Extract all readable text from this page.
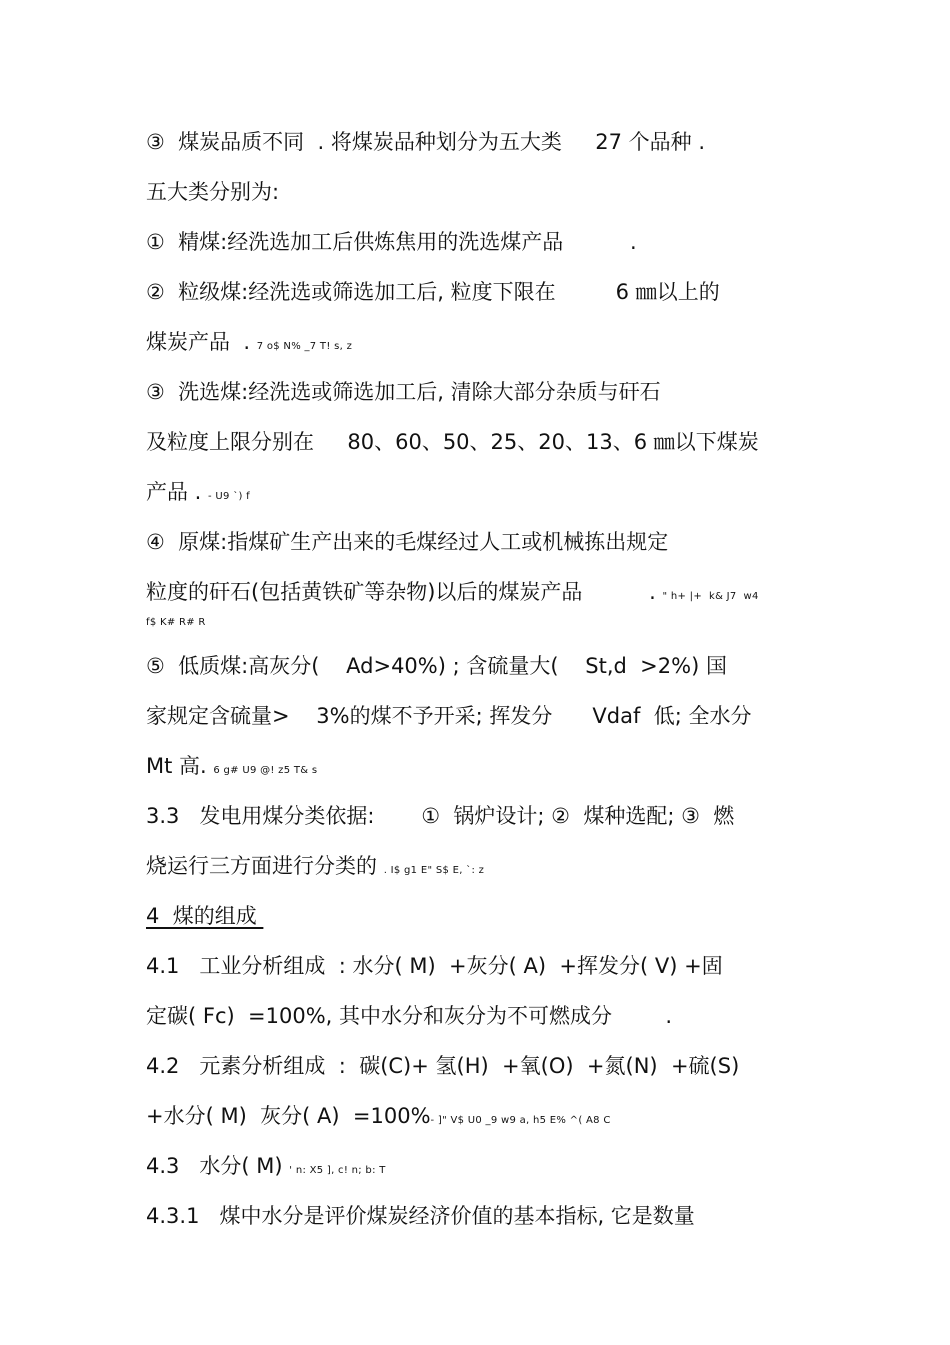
③  煤炭品质不同  . 将煤炭品种划分为五大类     27 个品种 .
五大类分别为:
①  精煤:经洗选加工后供炼焦用的洗选煤产品          .
②  粒级煤:经洗选或筛选加工后, 粒度下限在         6 ㎜以上的
煤炭产品  . 7 o$ N% _7 T! s, z
③  洗选煤:经洗选或筛选加工后, 清除大部分杂质与矸石
及粒度上限分别在     80、60、50、25、20、13、6 ㎜以下煤炭
产品 . - U9 `) f
④  原煤:指煤矿生产出来的毛煤经过人工或机械拣出规定
粒度的矸石(包括黄铁矿等杂物)以后的煤炭产品          . " h+ |+  k& J7  w4
f$ K# R# R
⑤  低质煤:高灰分(    Ad>40%) ; 含硫量大(    St,d  >2%) 国
家规定含硫量>    3%的煤不予开采; 挥发分      Vdaf  低; 全水分
Mt 高. 6 g# U9 @! z5 T& s
3.3   发电用煤分类依据:       ①  锅炉设计; ②  煤种选配; ③  燃
烧运行三方面进行分类的 . I$ g1 E" S$ E, `: z
4  煤的组成
4.1   工业分析组成  : 水分( M)  +灰分( A)  +挥发分( V) +固
定碳( Fc)  =100%, 其中水分和灰分为不可燃成分        .
4.2   元素分析组成  :  碳(C)+ 氢(H)  +氧(O)  +氮(N)  +硫(S)
+水分( M)  灰分( A)  =100%- ]" V$ U0 _9 w9 a, h5 E% ^( A8 C
4.3   水分( M) ' n: X5 ], c! n; b: T
4.3.1   煤中水分是评价煤炭经济价值的基本指标, 它是数量
